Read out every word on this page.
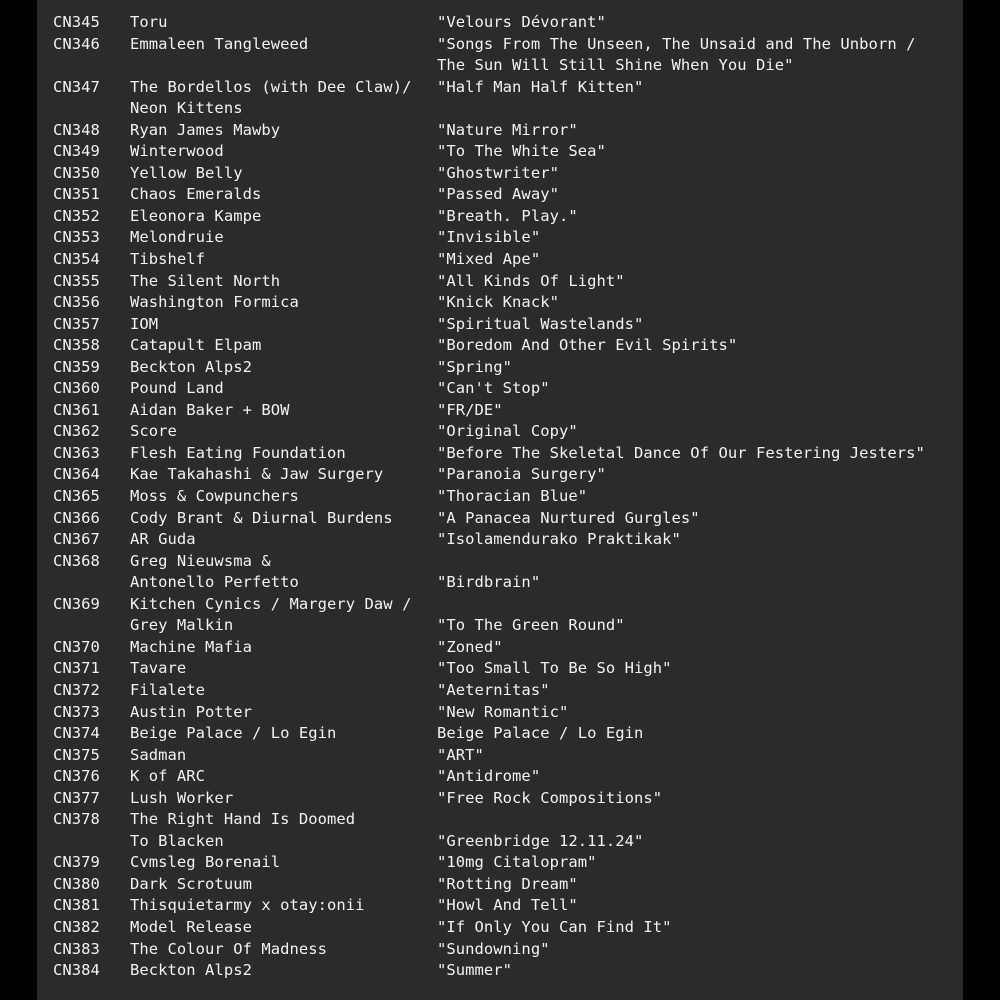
CN345	Toru	"Velours Dévorant"
CN346	Emmaleen Tangleweed	"Songs From The Unseen, The Unsaid and The Unborn /
The Sun Will Still Shine When You Die"
CN347	The Bordellos (with Dee Claw)/	"Half Man Half Kitten"
Neon Kittens
CN348	Ryan James Mawby	"Nature Mirror"
CN349	Winterwood	"To The White Sea"
CN350	Yellow Belly	"Ghostwriter"
CN351	Chaos Emeralds	"Passed Away"
CN352	Eleonora Kampe	"Breath. Play."
CN353	Melondruie	"Invisible"
CN354	Tibshelf	"Mixed Ape"
CN355	The Silent North	"All Kinds Of Light"
CN356	Washington Formica	"Knick Knack"
CN357	IOM	"Spiritual Wastelands"
CN358	Catapult Elpam	"Boredom And Other Evil Spirits"
CN359	Beckton Alps2	"Spring"
CN360	Pound Land	"Can't Stop"
CN361	Aidan Baker + BOW	"FR/DE"
CN362	Score	"Original Copy"
CN363	Flesh Eating Foundation	"Before The Skeletal Dance Of Our Festering Jesters"
CN364	Kae Takahashi & Jaw Surgery	"Paranoia Surgery"
CN365	Moss & Cowpunchers	"Thoracian Blue"
CN366	Cody Brant & Diurnal Burdens	"A Panacea Nurtured Gurgles"
CN367	AR Guda	"Isolamendurako Praktikak"
CN368	Greg Nieuwsma &
Antonello Perfetto	"Birdbrain"
CN369	Kitchen Cynics / Margery Daw /
Grey Malkin	"To The Green Round"
CN370	Machine Mafia	"Zoned"
CN371	Tavare	"Too Small To Be So High"
CN372	Filalete	"Aeternitas"
CN373	Austin Potter	"New Romantic"
CN374	Beige Palace / Lo Egin	Beige Palace / Lo Egin
CN375	Sadman	"ART"
CN376	K of ARC	"Antidrome"
CN377	Lush Worker	"Free Rock Compositions"
CN378	The Right Hand Is Doomed
To Blacken	"Greenbridge 12.11.24"
CN379	Cvmsleg Borenail	"10mg Citalopram"
CN380	Dark Scrotuum	"Rotting Dream"
CN381	Thisquietarmy x otay:onii	"Howl And Tell"
CN382	Model Release	"If Only You Can Find It"
CN383	The Colour Of Madness	"Sundowning"
CN384	Beckton Alps2	"Summer"
